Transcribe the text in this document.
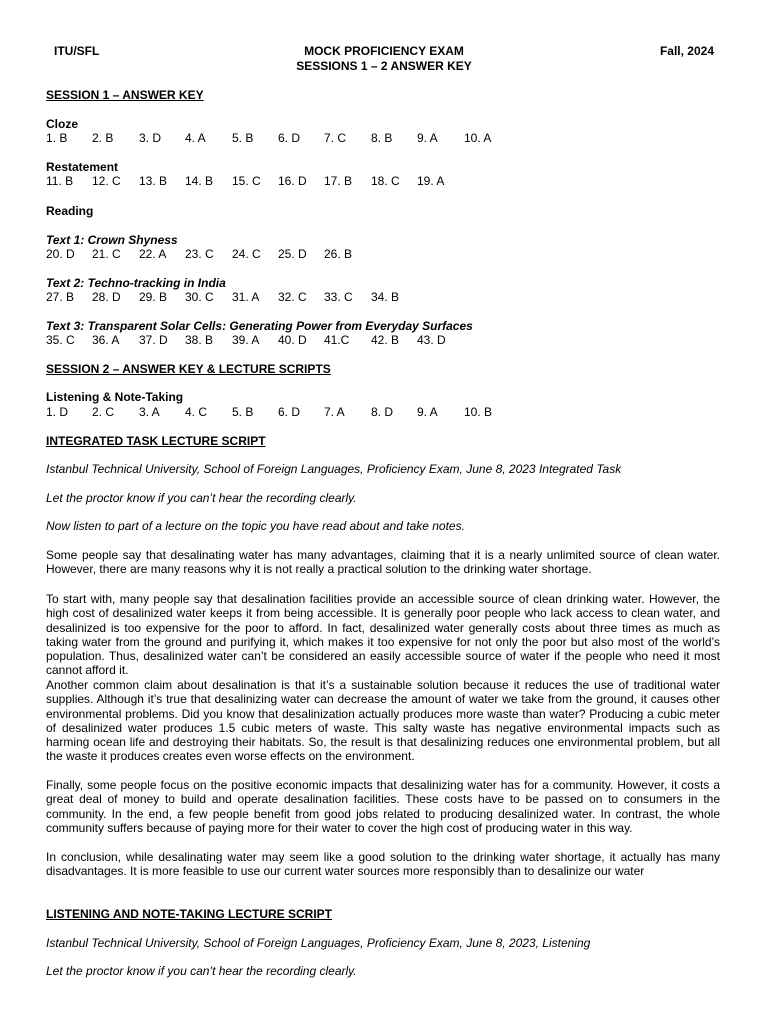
ITU/SFL	MOCK PROFICIENCY EXAM
SESSIONS 1 – 2 ANSWER KEY
Fall, 2024
SESSION 1 – ANSWER KEY
Cloze
1. B 2. B 3. D 4. A 5. B 6. D 7. C 8. B 9. A 10. A
Restatement
11. B 12. C 13. B 14. B 15. C 16. D 17. B 18. C 19. A
Reading
Text 1: Crown Shyness
20. D 21. C 22. A 23. C 24. C 25. D 26. B
Text 2: Techno-tracking in India
27. B 28. D 29. B 30. C 31. A 32. C 33. C 34. B
Text 3: Transparent Solar Cells: Generating Power from Everyday Surfaces
35. C 36. A 37. D 38. B 39. A 40. D 41.C 42. B 43. D
SESSION 2 – ANSWER KEY & LECTURE SCRIPTS
Listening & Note-Taking
1. D 2. C 3. A 4. C 5. B 6. D 7. A 8. D 9. A 10. B
INTEGRATED TASK LECTURE SCRIPT
Istanbul Technical University, School of Foreign Languages, Proficiency Exam, June 8, 2023 Integrated Task
Let the proctor know if you can’t hear the recording clearly.
Now listen to part of a lecture on the topic you have read about and take notes.
Some people say that desalinating water has many advantages, claiming that it is a nearly unlimited source of clean water. However, there are many reasons why it is not really a practical solution to the drinking water shortage.
To start with, many people say that desalination facilities provide an accessible source of clean drinking water. However, the high cost of desalinized water keeps it from being accessible. It is generally poor people who lack access to clean water, and desalinized is too expensive for the poor to afford. In fact, desalinized water generally costs about three times as much as taking water from the ground and purifying it, which makes it too expensive for not only the poor but also most of the world’s population. Thus, desalinized water can’t be considered an easily accessible source of water if the people who need it most cannot afford it.
Another common claim about desalination is that it’s a sustainable solution because it reduces the use of traditional water supplies. Although it’s true that desalinizing water can decrease the amount of water we take from the ground, it causes other environmental problems. Did you know that desalinization actually produces more waste than water? Producing a cubic meter of desalinized water produces 1.5 cubic meters of waste. This salty waste has negative environmental impacts such as harming ocean life and destroying their habitats. So, the result is that desalinizing reduces one environmental problem, but all the waste it produces creates even worse effects on the environment.
Finally, some people focus on the positive economic impacts that desalinizing water has for a community. However, it costs a great deal of money to build and operate desalination facilities. These costs have to be passed on to consumers in the community. In the end, a few people benefit from good jobs related to producing desalinized water. In contrast, the whole community suffers because of paying more for their water to cover the high cost of producing water in this way.
In conclusion, while desalinating water may seem like a good solution to the drinking water shortage, it actually has many disadvantages. It is more feasible to use our current water sources more responsibly than to desalinize our water
LISTENING AND NOTE-TAKING LECTURE SCRIPT
Istanbul Technical University, School of Foreign Languages, Proficiency Exam, June 8, 2023, Listening
Let the proctor know if you can’t hear the recording clearly.
